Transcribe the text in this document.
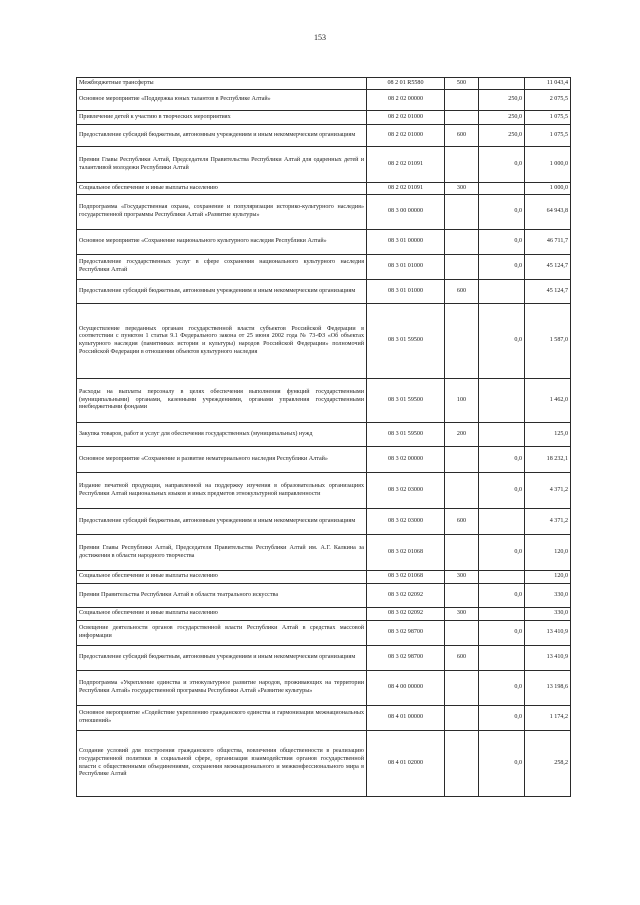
153
Межбюджетные трансферты	08 2 01 R5580	500		11 043,4
Основное мероприятие «Поддержка юных талантов в Республике Алтай»	08 2 02 00000		250,0	2 075,5
Привлечение детей к участию в творческих мероприятиях	08 2 02 01000		250,0	1 075,5
Предоставление субсидий бюджетным, автономным учреждениям и иным некоммерческим организациям	08 2 02 01000	600	250,0	1 075,5
Премии Главы Республики Алтай, Председателя Правительства Республики Алтай для одаренных детей и талантливой молодежи Республики Алтай	08 2 02 01091		0,0	1 000,0
Социальное обеспечение и иные выплаты населению	08 2 02 01091	300		1 000,0
Подпрограмма «Государственная охрана, сохранение и популяризация историко-культурного наследия» государственной программы Республики Алтай «Развитие культуры»	08 3 00 00000		0,0	64 943,8
Основное мероприятие «Сохранение национального культурного наследия Республики Алтай»	08 3 01 00000		0,0	46 711,7
Предоставление государственных услуг в сфере сохранения национального культурного наследия Республики Алтай	08 3 01 01000		0,0	45 124,7
Предоставление субсидий бюджетным, автономным учреждениям и иным некоммерческим организациям	08 3 01 01000	600		45 124,7
Осуществление переданных органам государственной власти субъектов Российской Федерации в соответствии с пунктом 1 статьи 9.1 Федерального закона от 25 июня 2002 года № 73-ФЗ «Об объектах культурного наследия (памятниках истории и культуры) народов Российской Федерации» полномочий Российской Федерации в отношении объектов культурного наследия	08 3 01 59500		0,0	1 587,0
Расходы на выплаты персоналу в целях обеспечения выполнения функций государственными (муниципальными) органами, казенными учреждениями, органами управления государственными внебюджетными фондами	08 3 01 59500	100		1 462,0
Закупка товаров, работ и услуг для обеспечения государственных (муниципальных) нужд	08 3 01 59500	200		125,0
Основное мероприятие «Сохранение и развитие нематериального наследия Республики Алтай»	08 3 02 00000		0,0	18 232,1
Издание печатной продукции, направленной на поддержку изучения в образовательных организациях Республики Алтай национальных языков и иных предметов этнокультурной направленности	08 3 02 03000		0,0	4 371,2
Предоставление субсидий бюджетным, автономным учреждениям и иным некоммерческим организациям	08 3 02 03000	600		4 371,2
Премии Главы Республики Алтай, Председателя Правительства Республики Алтай им. А.Г. Калкина за достижения в области народного творчества	08 3 02 01068		0,0	120,0
Социальное обеспечение и иные выплаты населению	08 3 02 01068	300		120,0
Премии Правительства Республики Алтай в области театрального искусства	08 3 02 02092		0,0	330,0
Социальное обеспечение и иные выплаты населению	08 3 02 02092	300		330,0
Освещение деятельности органов государственной власти Республики Алтай в средствах массовой информации	08 3 02 98700		0,0	13 410,9
Предоставление субсидий бюджетным, автономным учреждениям и иным некоммерческим организациям	08 3 02 98700	600		13 410,9
Подпрограмма «Укрепление единства и этнокультурное развитие народов, проживающих на территории Республики Алтай» государственной программы Республики Алтай «Развитие культуры»	08 4 00 00000		0,0	13 198,6
Основное мероприятие «Содействие укреплению гражданского единства и гармонизации межнациональных отношений»	08 4 01 00000		0,0	1 174,2
Создание условий для построения гражданского общества, вовлечения общественности в реализацию государственной политики в социальной сфере, организация взаимодействия органов государственной власти с общественными объединениями, сохранения межнационального и межконфессионального мира в Республике Алтай	08 4 01 02000		0,0	258,2
